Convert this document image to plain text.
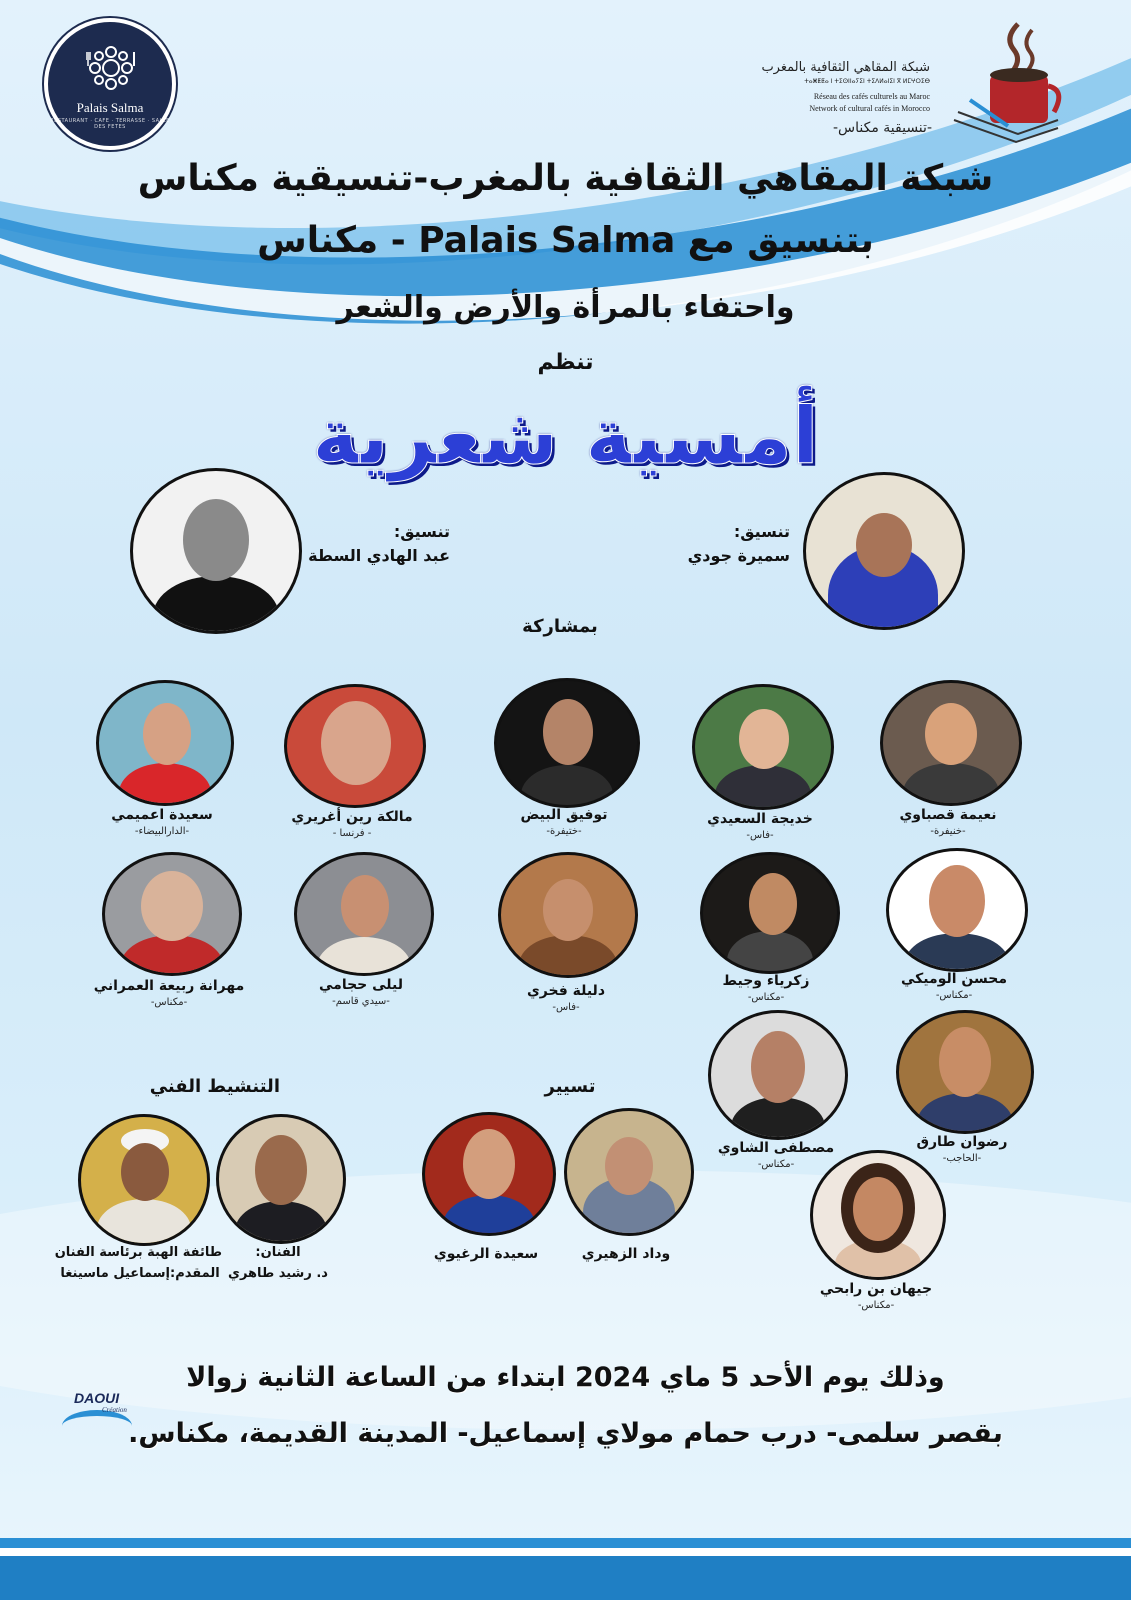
Palais Salma
RESTAURANT · CAFE · TERRASSE · SALLE DES FETES
شبكة المقاهي الثقافية بالمغرب
ⵜⴰⵥⵟⵟⴰ ⵏ ⵜⵉⵙⵏⵏⴰⵢⵉⵏ ⵜⵉⴷⵍⴰⵏⵉⵏ ⴳ ⵍⵎⵖⵔⵉⴱ
Réseau des cafés culturels au Maroc
Network of cultural cafés in Morocco
-تنسيقية مكناس-
شبكة المقاهي الثقافية بالمغرب-تنسيقية مكناس
بتنسيق مع Palais Salma - مكناس
واحتفاء بالمرأة والأرض والشعر
تنظم
أمسية شعرية
تنسيق:
سميرة جودي
تنسيق:
عبد الهادي السطة
بمشاركة
نعيمة قصباوي
-خنيفرة-
خديجة السعيدي
-فاس-
توفيق البيض
-ختيفرة-
مالكة رين أغريري
- فرنسا -
سعيدة اعميمي
-الدارالبيضاء-
محسن الوميكي
-مكناس-
زكرياء وجيط
-مكناس-
دليلة فخري
-فاس-
ليلى حجامي
-سيدي قاسم-
مهرانة ربيعة العمراني
-مكناس-
رضوان طارق
-الحاجب-
مصطفى الشاوي
-مكناس-
جيهان بن رابحي
-مكناس-
تسيير
وداد الزهيري
سعيدة الرغيوي
التنشيط الفني
الفنان:
د. رشيد طاهري
طائفة الهبة برئاسة الفنان
المقدم:إسماعيل ماسينغا
وذلك يوم الأحد 5 ماي 2024 ابتداء من الساعة الثانية زوالا
بقصر سلمى- درب حمام مولاي إسماعيل- المدينة القديمة، مكناس.
DAOUI
Création
